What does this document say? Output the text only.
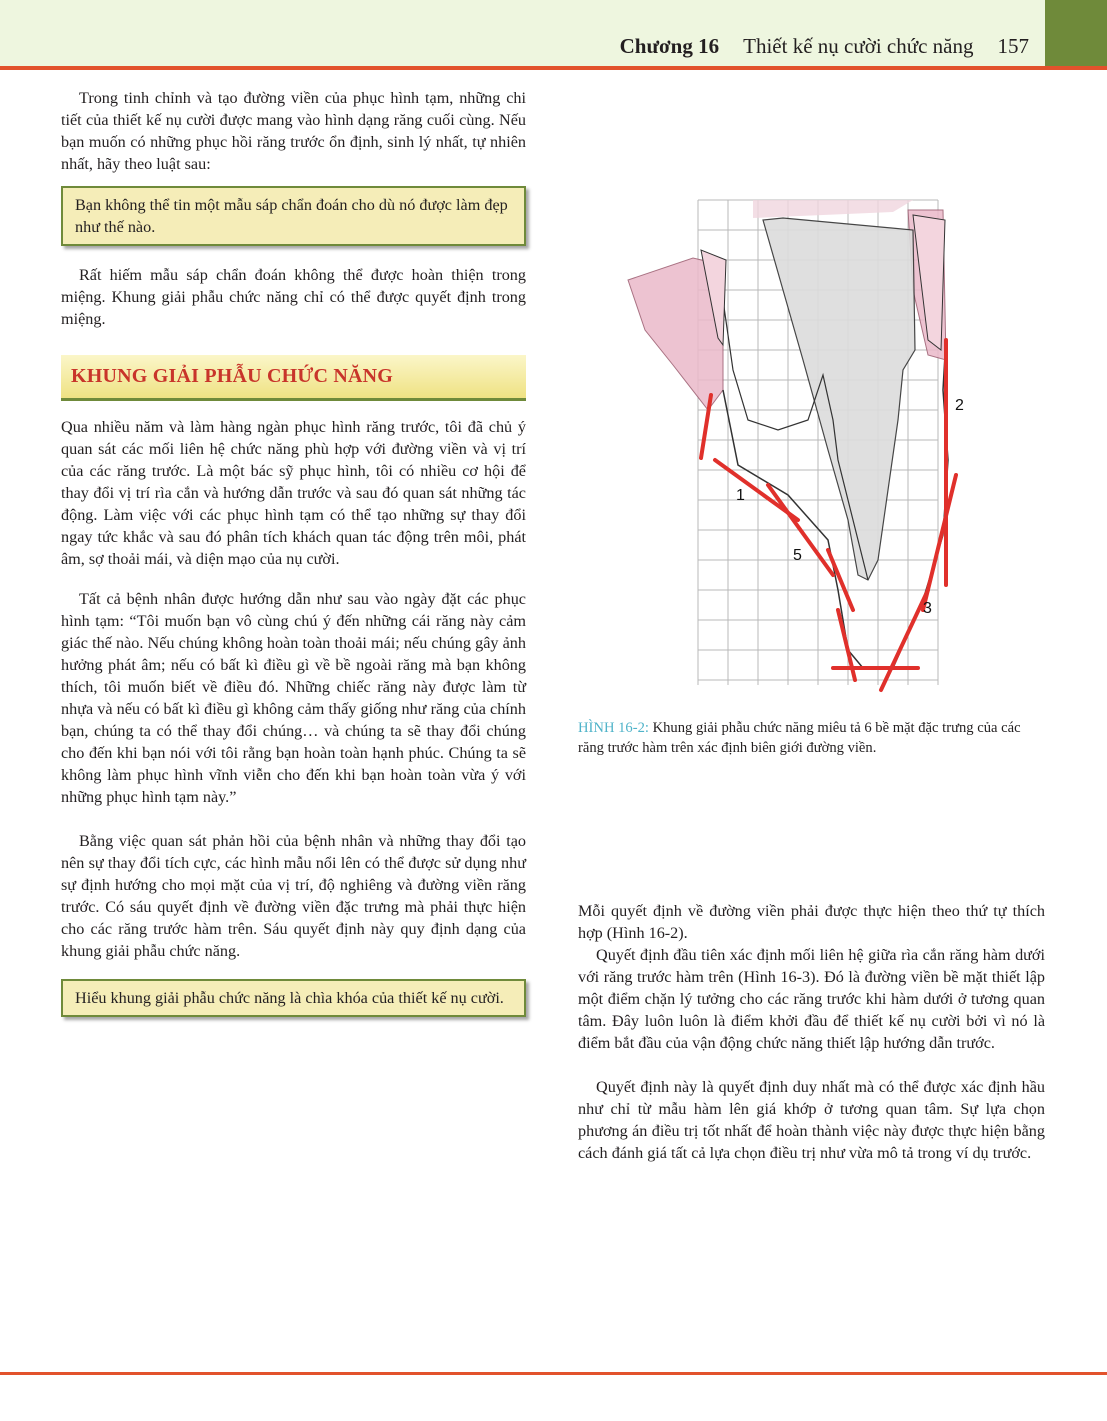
Chương 16 Thiết kế nụ cười chức năng 157

Trong tinh chỉnh và tạo đường viền của phục hình tạm, những chi tiết của thiết kế nụ cười được mang vào hình dạng răng cuối cùng. Nếu bạn muốn có những phục hồi răng trước ổn định, sinh lý nhất, tự nhiên nhất, hãy theo luật sau:

Bạn không thể tin một mẫu sáp chẩn đoán cho dù nó được làm đẹp như thế nào.

Rất hiếm mẫu sáp chẩn đoán không thể được hoàn thiện trong miệng. Khung giải phẫu chức năng chỉ có thể được quyết định trong miệng.

KHUNG GIẢI PHẪU CHỨC NĂNG

Qua nhiều năm và làm hàng ngàn phục hình răng trước, tôi đã chủ ý quan sát các mối liên hệ chức năng phù hợp với đường viền và vị trí của các răng trước. Là một bác sỹ phục hình, tôi có nhiều cơ hội để thay đổi vị trí rìa cắn và hướng dẫn trước và sau đó quan sát những tác động. Làm việc với các phục hình tạm có thể tạo những sự thay đổi ngay tức khắc và sau đó phân tích khách quan tác động trên môi, phát âm, sợ thoải mái, và diện mạo của nụ cười.

Tất cả bệnh nhân được hướng dẫn như sau vào ngày đặt các phục hình tạm: “Tôi muốn bạn vô cùng chú ý đến những cái răng này cảm giác thế nào. Nếu chúng không hoàn toàn thoải mái; nếu chúng gây ảnh hưởng phát âm; nếu có bất kì điều gì về bề ngoài răng mà bạn không thích, tôi muốn biết về điều đó. Những chiếc răng này được làm từ nhựa và nếu có bất kì điều gì không cảm thấy giống như răng của chính bạn, chúng ta có thể thay đổi chúng… và chúng ta sẽ thay đổi chúng cho đến khi bạn nói với tôi rằng bạn hoàn toàn hạnh phúc. Chúng ta sẽ không làm phục hình vĩnh viễn cho đến khi bạn hoàn toàn vừa ý với những phục hình tạm này.”

Bằng việc quan sát phản hồi của bệnh nhân và những thay đổi tạo nên sự thay đổi tích cực, các hình mẫu nổi lên có thể được sử dụng như sự định hướng cho mọi mặt của vị trí, độ nghiêng và đường viền răng trước. Có sáu quyết định về đường viền đặc trưng mà phải thực hiện cho các răng trước hàm trên. Sáu quyết định này quy định dạng của khung giải phẫu chức năng.

Hiểu khung giải phẫu chức năng là chìa khóa của thiết kế nụ cười.
1
2
3
5

HÌNH 16-2: Khung giải phẫu chức năng miêu tả 6 bề mặt đặc trưng của các răng trước hàm trên xác định biên giới đường viền.

Mỗi quyết định về đường viền phải được thực hiện theo thứ tự thích hợp (Hình 16-2).

Quyết định đầu tiên xác định mối liên hệ giữa rìa cắn răng hàm dưới với răng trước hàm trên (Hình 16-3). Đó là đường viền bề mặt thiết lập một điểm chặn lý tưởng cho các răng trước khi hàm dưới ở tương quan tâm. Đây luôn luôn là điểm khởi đầu để thiết kế nụ cười bởi vì nó là điểm bắt đầu của vận động chức năng thiết lập hướng dẫn trước.

Quyết định này là quyết định duy nhất mà có thể được xác định hầu như chỉ từ mẫu hàm lên giá khớp ở tương quan tâm. Sự lựa chọn phương án điều trị tốt nhất để hoàn thành việc này được thực hiện bằng cách đánh giá tất cả lựa chọn điều trị như vừa mô tả trong ví dụ trước.
